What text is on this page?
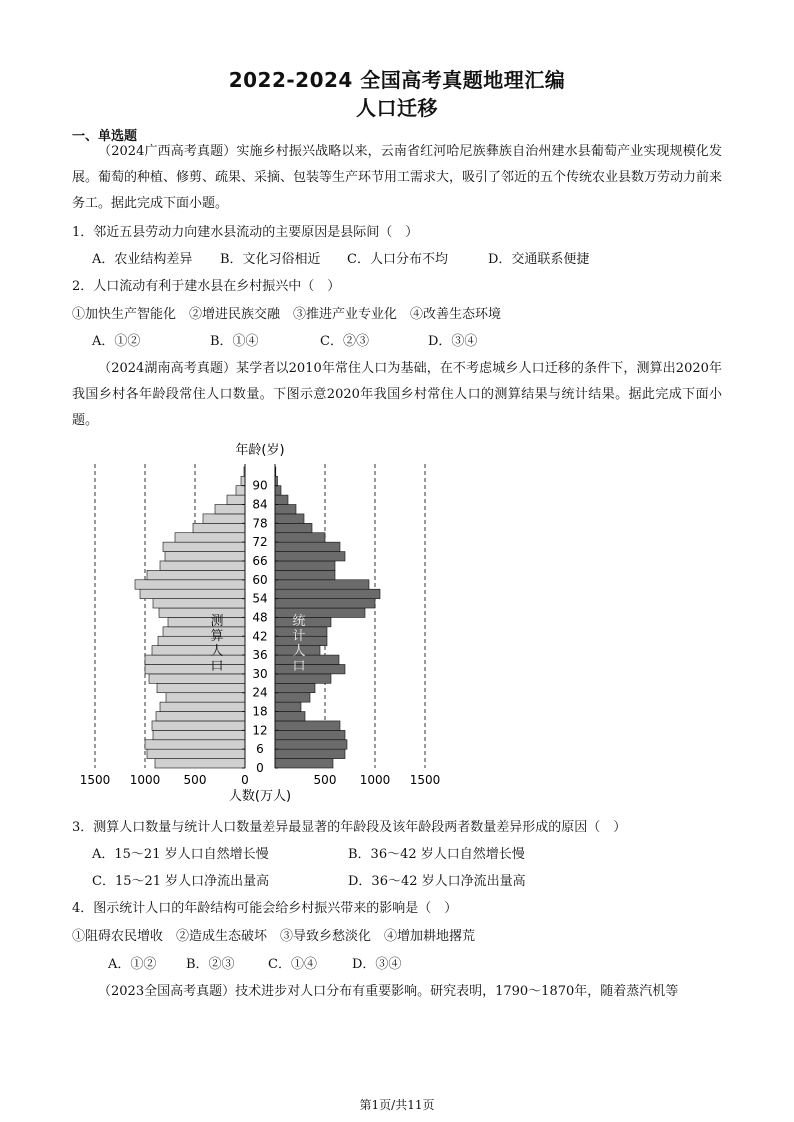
2022-2024 全国高考真题地理汇编
人口迁移
一、单选题
（2024广西高考真题）实施乡村振兴战略以来，云南省红河哈尼族彝族自治州建水县葡萄产业实现规模化发展。葡萄的种植、修剪、疏果、采摘、包装等生产环节用工需求大，吸引了邻近的五个传统农业县数万劳动力前来务工。据此完成下面小题。
1．邻近五县劳动力向建水县流动的主要原因是县际间（　）
A．农业结构差异 B．文化习俗相近 C．人口分布不均	D．交通联系便捷
2．人口流动有利于建水县在乡村振兴中（　）
①加快生产智能化　②增进民族交融　③推进产业专业化　④改善生态环境
A．①②	B．①④	C．②③	D．③④
（2024湖南高考真题）某学者以2010年常住人口为基础，在不考虑城乡人口迁移的条件下，测算出2020年我国乡村各年龄段常住人口数量。下图示意2020年我国乡村常住人口的测算结果与统计结果。据此完成下面小题。
测
算
人
口
统
计
人
口
0
6
12
18
24
30
36
42
48
54
60
66
72
78
84
90
1500 1000 500	0	500 1000 1500
年龄(岁)
人数(万人)
3．测算人口数量与统计人口数量差异最显著的年龄段及该年龄段两者数量差异形成的原因（　）
A．15～21 岁人口自然增长慢	B．36～42 岁人口自然增长慢
C．15～21 岁人口净流出量高	D．36～42 岁人口净流出量高
4．图示统计人口的年龄结构可能会给乡村振兴带来的影响是（　）
①阻碍农民增收　②造成生态破坏　③导致乡愁淡化　④增加耕地撂荒
A．①② B．②③	C．①④	D．③④
（2023全国高考真题）技术进步对人口分布有重要影响。研究表明，1790～1870年，随着蒸汽机等
第1页/共11页
